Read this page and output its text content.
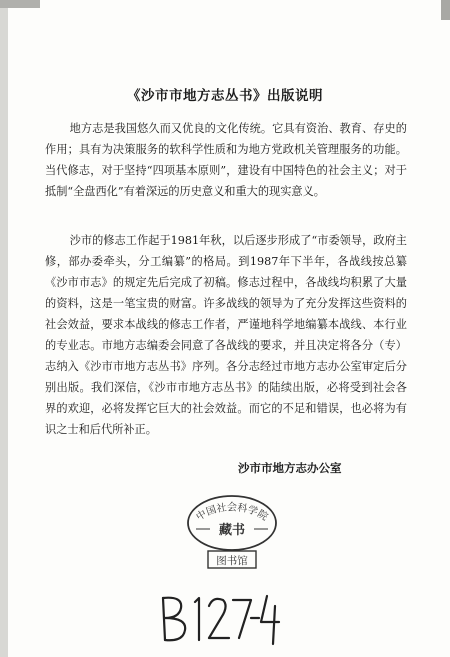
《沙市市地方志丛书》出版说明

地方志是我国悠久而又优良的文化传统。它具有资治、教育、存史的作用；具有为决策服务的软科学性质和为地方党政机关管理服务的功能。当代修志，对于坚持“四项基本原则”，建设有中国特色的社会主义；对于抵制“全盘西化”有着深远的历史意义和重大的现实意义。

沙市的修志工作起于1981年秋，以后逐步形成了“市委领导，政府主修，部办委牵头，分工编纂”的格局。到1987年下半年，各战线按总纂《沙市市志》的规定先后完成了初稿。修志过程中，各战线均积累了大量的资料，这是一笔宝贵的财富。许多战线的领导为了充分发挥这些资料的社会效益，要求本战线的修志工作者，严谨地科学地编纂本战线、本行业的专业志。市地方志编委会同意了各战线的要求，并且决定将各分（专）志纳入《沙市市地方志丛书》序列。各分志经过市地方志办公室审定后分别出版。我们深信，《沙市市地方志丛书》的陆续出版，必将受到社会各界的欢迎，必将发挥它巨大的社会效益。而它的不足和错误，也必将为有识之士和后代所补正。

沙市市地方志办公室
中国社会科学院
藏书
图书馆
